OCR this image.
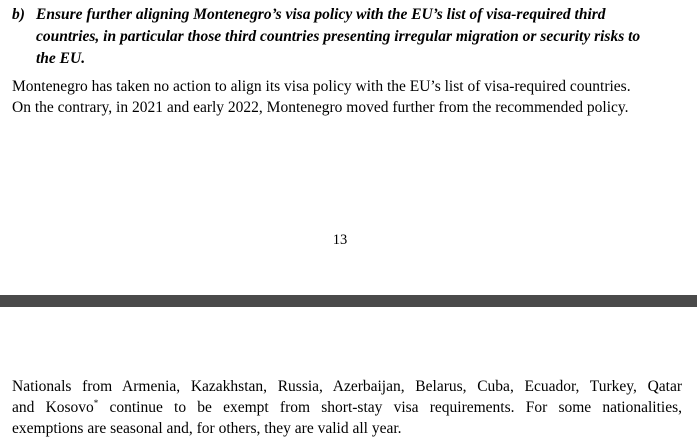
b) Ensure further aligning Montenegro’s visa policy with the EU’s list of visa-required third
countries, in particular those third countries presenting irregular migration or security risks to
the EU.
Montenegro has taken no action to align its visa policy with the EU’s list of visa-required countries.
On the contrary, in 2021 and early 2022, Montenegro moved further from the recommended policy.
13
Nationals from Armenia, Kazakhstan, Russia, Azerbaijan, Belarus, Cuba, Ecuador, Turkey, Qatar
and Kosovo* continue to be exempt from short-stay visa requirements. For some nationalities,
exemptions are seasonal and, for others, they are valid all year.
